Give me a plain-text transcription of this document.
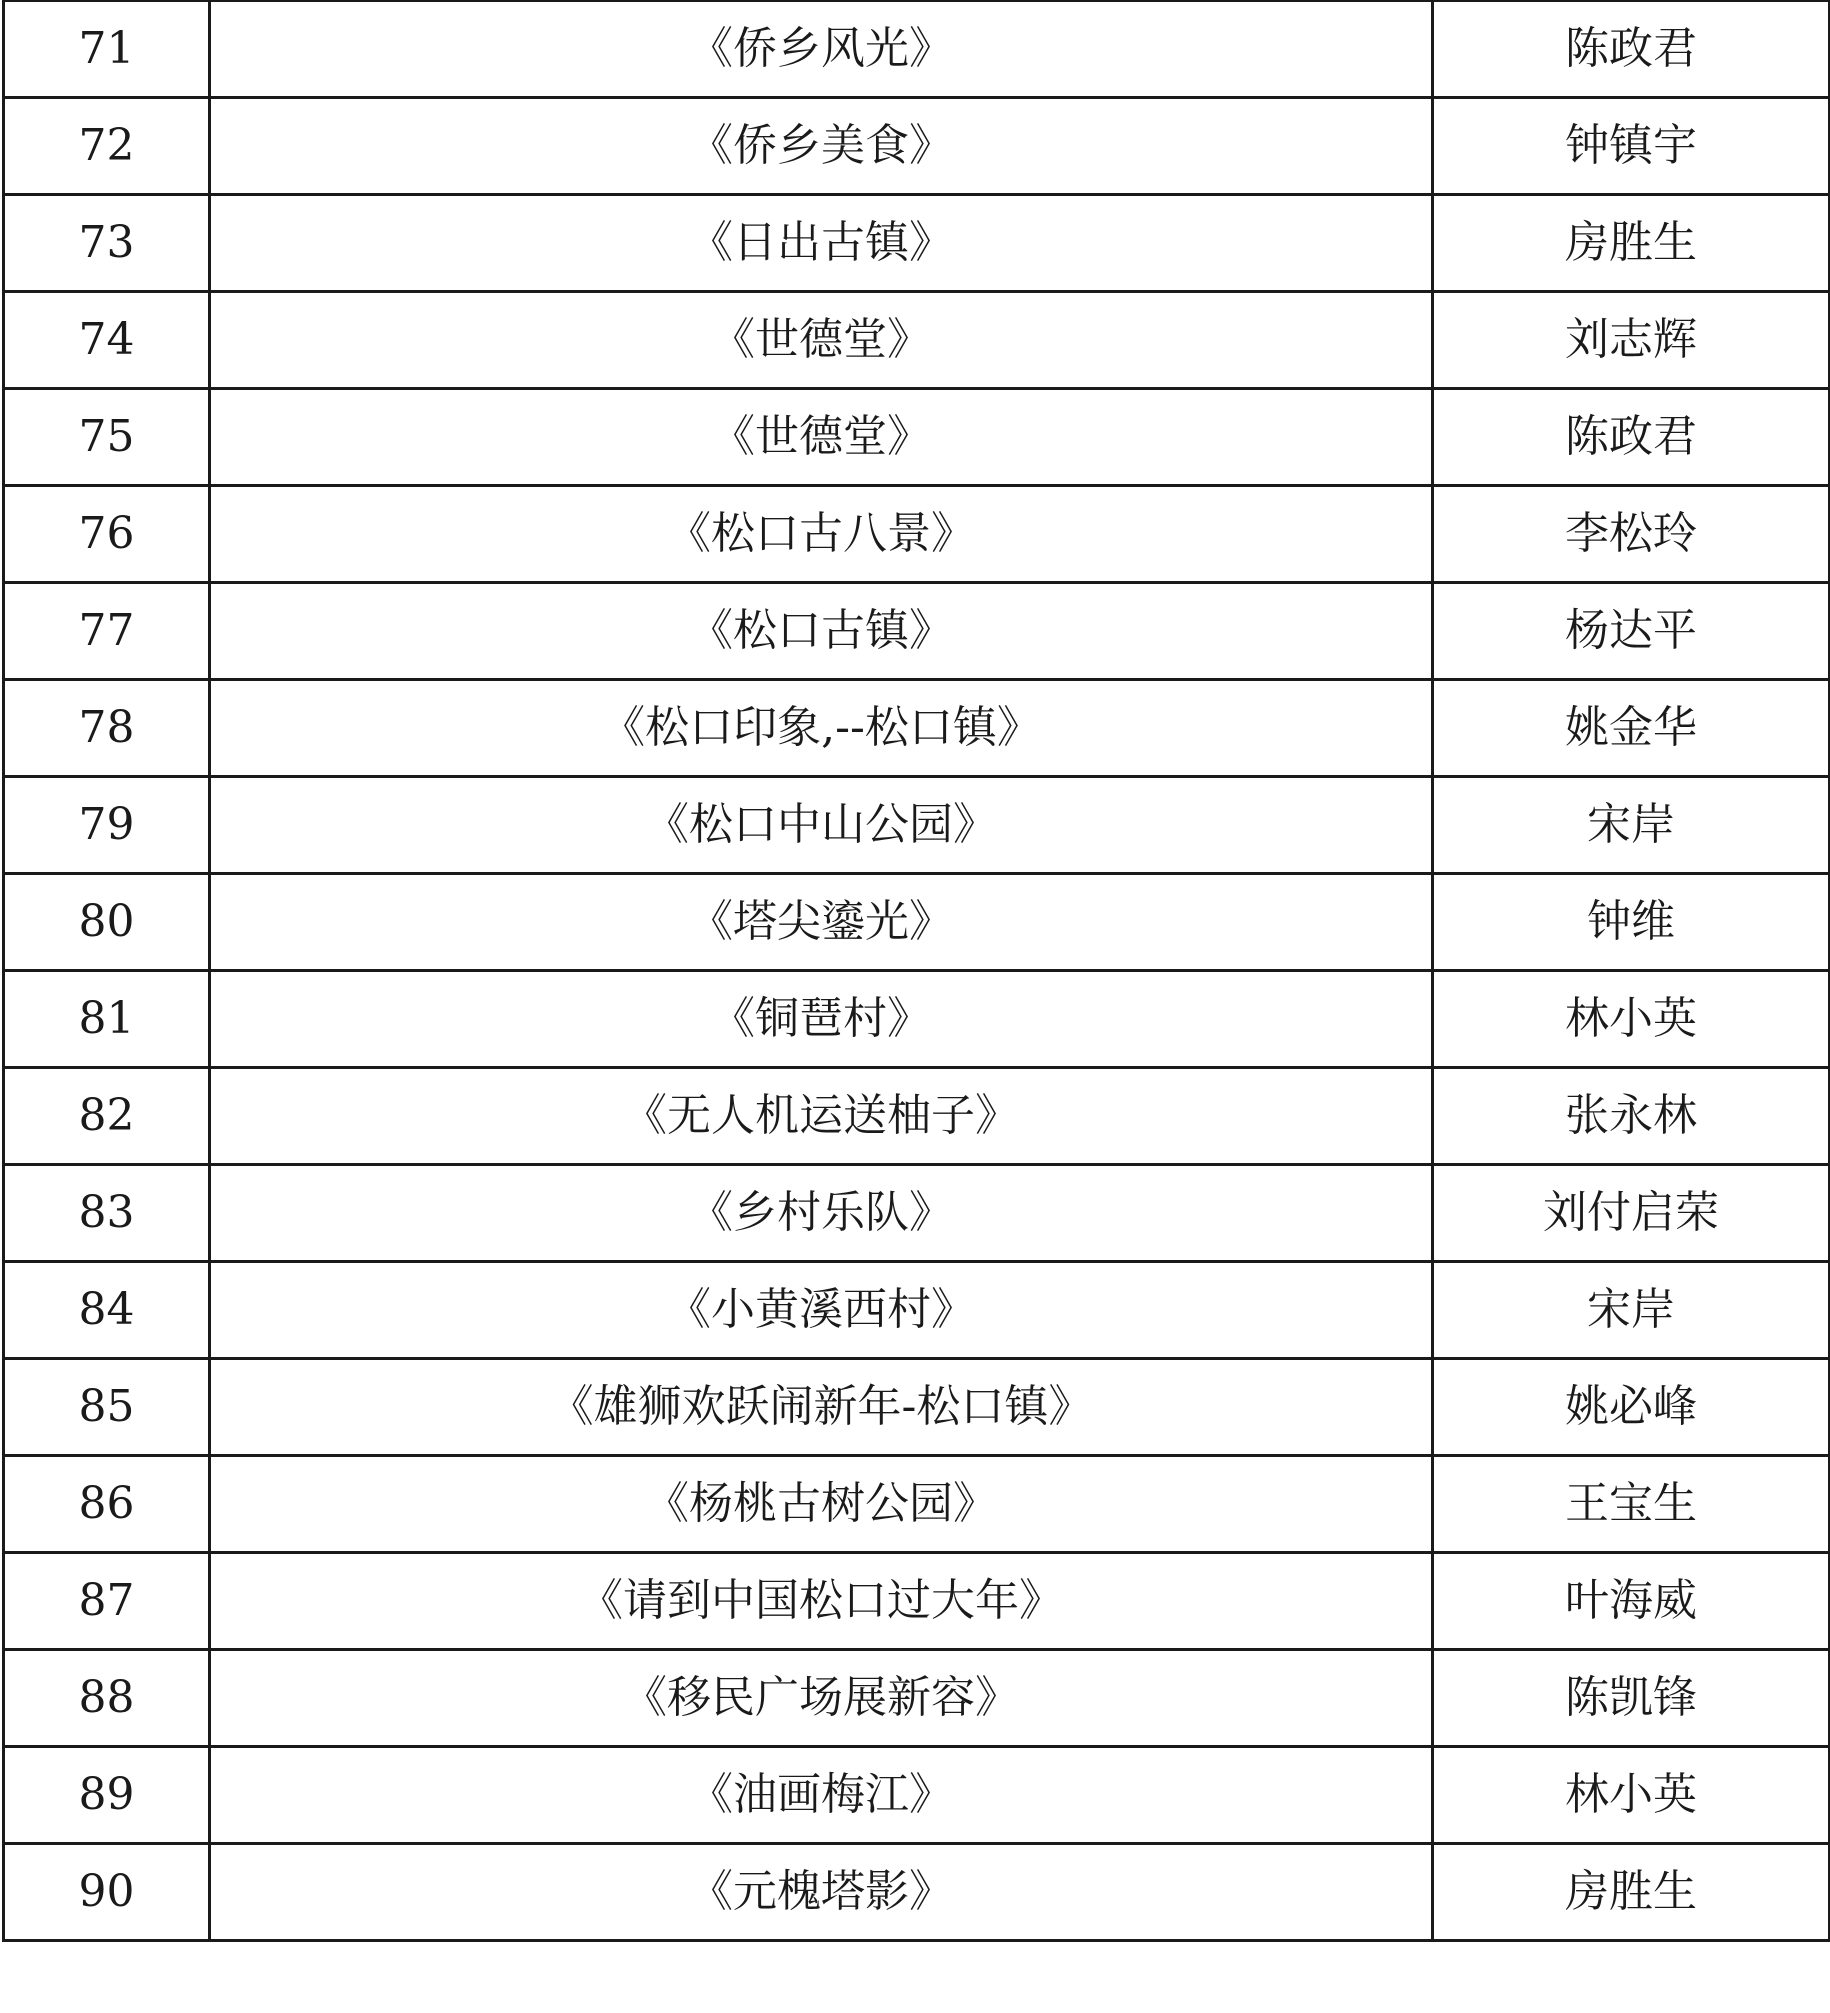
71	《侨乡风光》	陈政君
72	《侨乡美食》	钟镇宇
73	《日出古镇》	房胜生
74	《世德堂》	刘志辉
75	《世德堂》	陈政君
76	《松口古八景》	李松玲
77	《松口古镇》	杨达平
78	《松口印象,--松口镇》	姚金华
79	《松口中山公园》	宋岸
80	《塔尖鎏光》	钟维
81	《铜琶村》	林小英
82	《无人机运送柚子》	张永林
83	《乡村乐队》	刘付启荣
84	《小黄溪西村》	宋岸
85	《雄狮欢跃闹新年-松口镇》	姚必峰
86	《杨桃古树公园》	王宝生
87	《请到中国松口过大年》	叶海威
88	《移民广场展新容》	陈凯锋
89	《油画梅江》	林小英
90	《元槐塔影》	房胜生
